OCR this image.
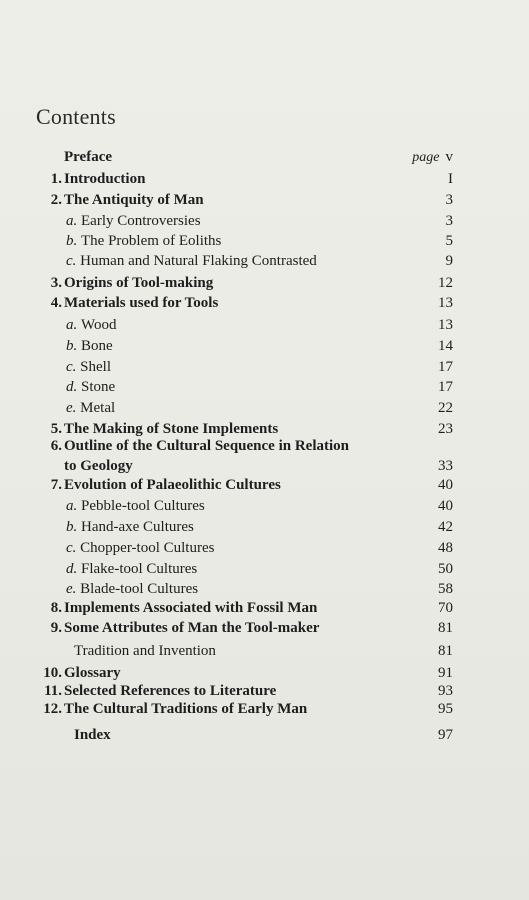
Contents
Preface	page v
1. Introduction	I
2. The Antiquity of Man	3
a. Early Controversies	3
b. The Problem of Eoliths	5
c. Human and Natural Flaking Contrasted	9
3. Origins of Tool-making	12
4. Materials used for Tools	13
a. Wood	13
b. Bone	14
c. Shell	17
d. Stone	17
e. Metal	22
5. The Making of Stone Implements	23
6. Outline of the Cultural Sequence in Relation
to Geology	33
7. Evolution of Palaeolithic Cultures	40
a. Pebble-tool Cultures	40
b. Hand-axe Cultures	42
c. Chopper-tool Cultures	48
d. Flake-tool Cultures	50
e. Blade-tool Cultures	58
8. Implements Associated with Fossil Man	70
9. Some Attributes of Man the Tool-maker	81
Tradition and Invention	81
10. Glossary	91
11. Selected References to Literature	93
12. The Cultural Traditions of Early Man	95
Index	97
